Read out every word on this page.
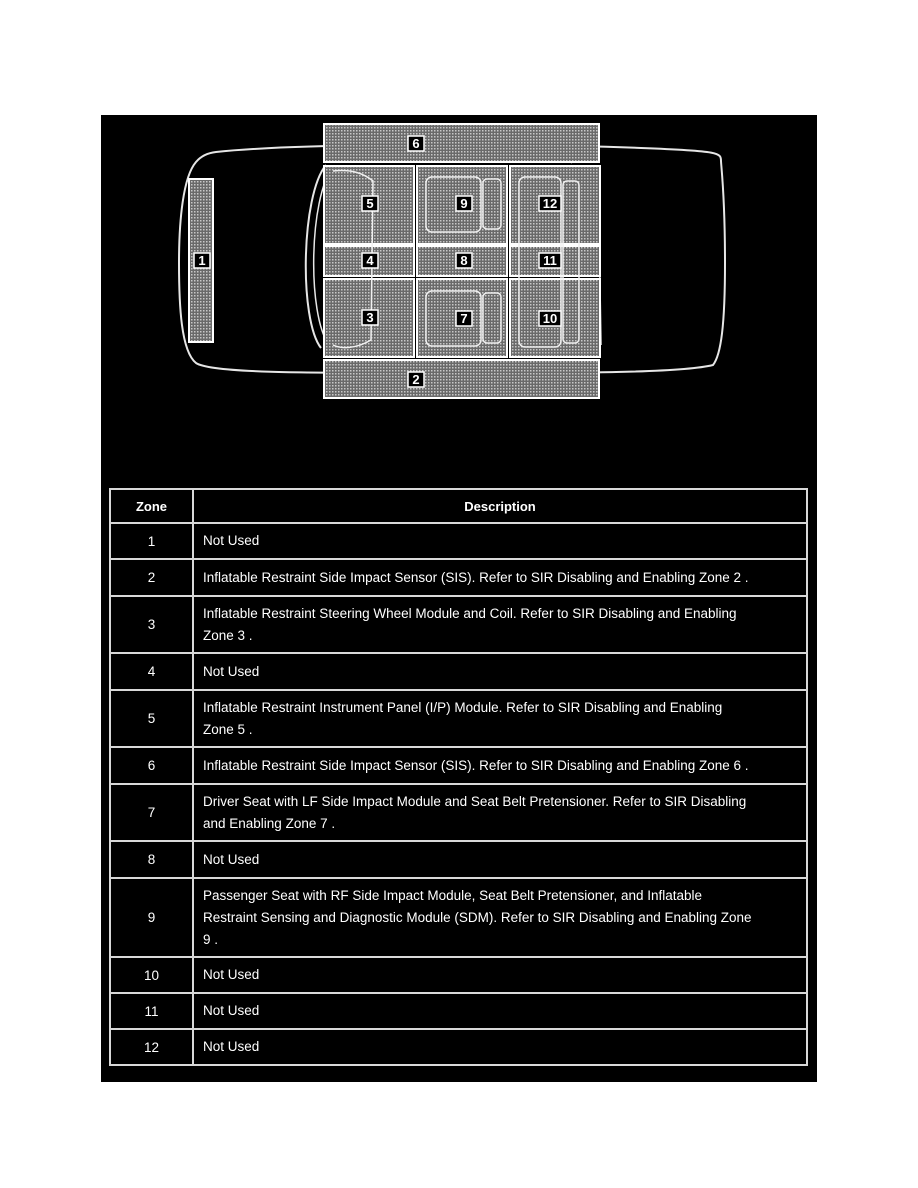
1
2
3
4
5
6
7
8
9
10
11
12
Zone	Description
1	Not Used
2	Inflatable Restraint Side Impact Sensor (SIS). Refer to SIR Disabling and Enabling Zone 2 .
3	Inflatable Restraint Steering Wheel Module and Coil. Refer to SIR Disabling and Enabling Zone 3 .
4	Not Used
5	Inflatable Restraint Instrument Panel (I/P) Module. Refer to SIR Disabling and Enabling Zone 5 .
6	Inflatable Restraint Side Impact Sensor (SIS). Refer to SIR Disabling and Enabling Zone 6 .
7	Driver Seat with LF Side Impact Module and Seat Belt Pretensioner. Refer to SIR Disabling and Enabling Zone 7 .
8	Not Used
9	Passenger Seat with RF Side Impact Module, Seat Belt Pretensioner, and Inflatable Restraint Sensing and Diagnostic Module (SDM). Refer to SIR Disabling and Enabling Zone 9 .
10	Not Used
11	Not Used
12	Not Used
